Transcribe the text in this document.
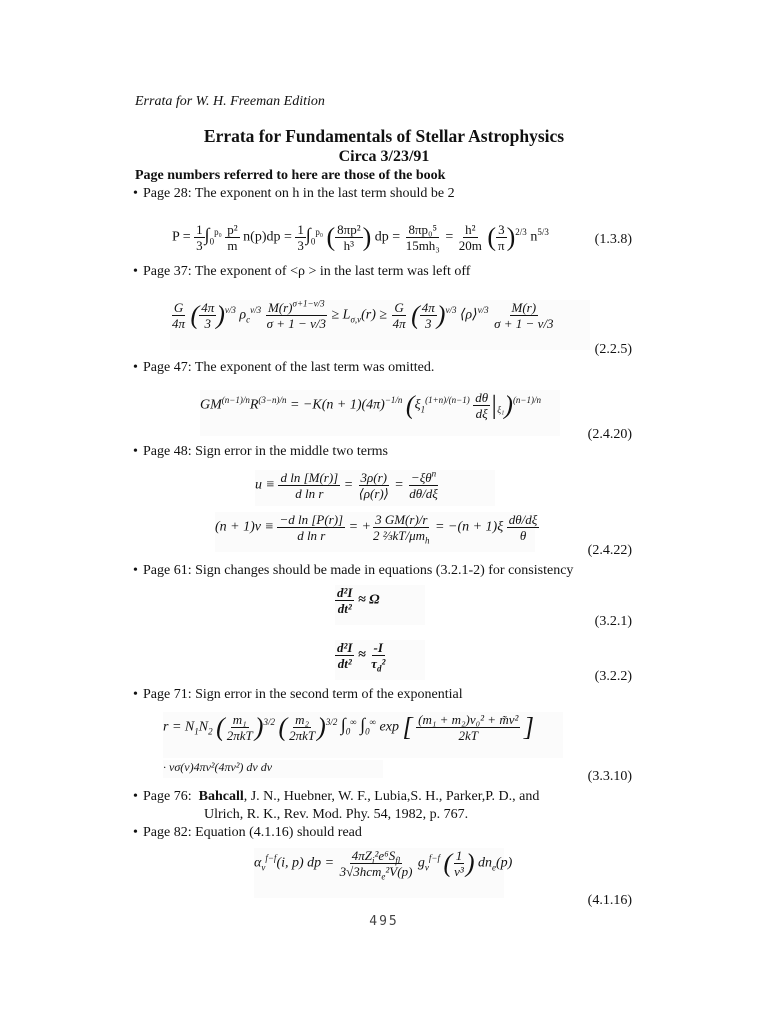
Errata for W. H. Freeman Edition
Errata for Fundamentals of Stellar Astrophysics
Circa 3/23/91
Page numbers referred to here are those of the book
• Page 28: The exponent on h in the last term should be 2
$P = \frac{1}{3} \int_0^{p_0} \frac{\text{p²}}{m} n(p)dp = \frac{1}{3} \int_0^{p_0}$ ( $\frac{\text{8πp²}}{\text{h³}}$ ) dp = $\frac{\text{8πp₀⁵}}{\text{15mh₃}} = \frac{\text{h²}}{20m}$ ( $\frac{3}{\pi} )^{2/3}$ $n^{5/3}$	(1.3.8)
• Page 37: The exponent of <ρ > in the last term was left off
$\frac{G}{4\pi}$ ( $\frac{4\pi}{3} )^{\nu/3}$ $\rho_c^{\nu/3} \frac{M(r)^{\sigma+1-\nu/3}}{\sigma + 1 - \nu/3} \ge L_{\sigma,\nu}(r) \ge \frac{G}{4\pi}$ ( $\frac{4\pi}{3} )^{\nu/3}$ ⟨ρ⟩$^{\nu/3}$ $\frac{M(r)}{\sigma + 1 - \nu/3}$
(2.2.5)
• Page 47: The exponent of the last term was omitted.
$GM^{(n-1)/n}R^{(3-n)/n} = -K(n + 1)(4\pi)^{-1/n}$ $(\xi_1^{(1+n)/(n-1)} \frac{d\theta}{d\xi} |_{\xi_1})^{(n-1)/n}$
(2.4.20)
• Page 48: Sign error in the middle two terms
$u \equiv \frac{\text{d ln [M(r)]}}{\text{d ln r}} = \frac{3\rho(r)}{⟨\rho(r)⟩} = \frac{-\xi\theta^n}{d\theta/d\xi}$
$(n + 1)v \equiv \frac{\text{−d ln [P(r)]}}{\text{d ln r}}$ = + $\frac{3 GM(r)/r}{2 \frac{2}{3}kT/\mu m_h} = -(n + 1)\xi \frac{d\theta/d\xi}{\theta}$
(2.4.22)
• Page 61: Sign changes should be made in equations (3.2.1-2) for consistency
$\frac{\text{d²I}}{\text{dt²}} \approx \Omega$
(3.2.1)
$\frac{\text{d²I}}{\text{dt²}} \approx \frac{-I}{\tau_d^2}$
(3.2.2)
• Page 71: Sign error in the second term of the exponential
$r = N_1N_2$ ( $\frac{\text{m₁}}{\text{2πkT}} )^{3/2}$ ( $\frac{\text{m₂}}{\text{2πkT}} )^{3/2}$ $\int_0^\infty$ $\int_0^\infty$ exp [ $\frac{\text{(m₁ + m₂)v₀² + m̃v²}}{2kT}$ ]
· vσ(v)4πv²(4πv²) dv dv
(3.3.10)
• Page 76: Bahcall, J. N., Huebner, W. F., Lubia,S. H., Parker,P. D., and
Ulrich, R. K., Rev. Mod. Phy. 54, 1982, p. 767.
• Page 82: Equation (4.1.16) should read
$\alpha_\nu^{f-f}(i$, p) dp = $\frac{4\pi Z_i^2e^6S_{fl}}{3√3hcm_e^2V(p)} g_\nu^{f-f}$ ( $\frac{1}{\text{ν³}}$ ) $dn_e(p)$
(4.1.16)
495
